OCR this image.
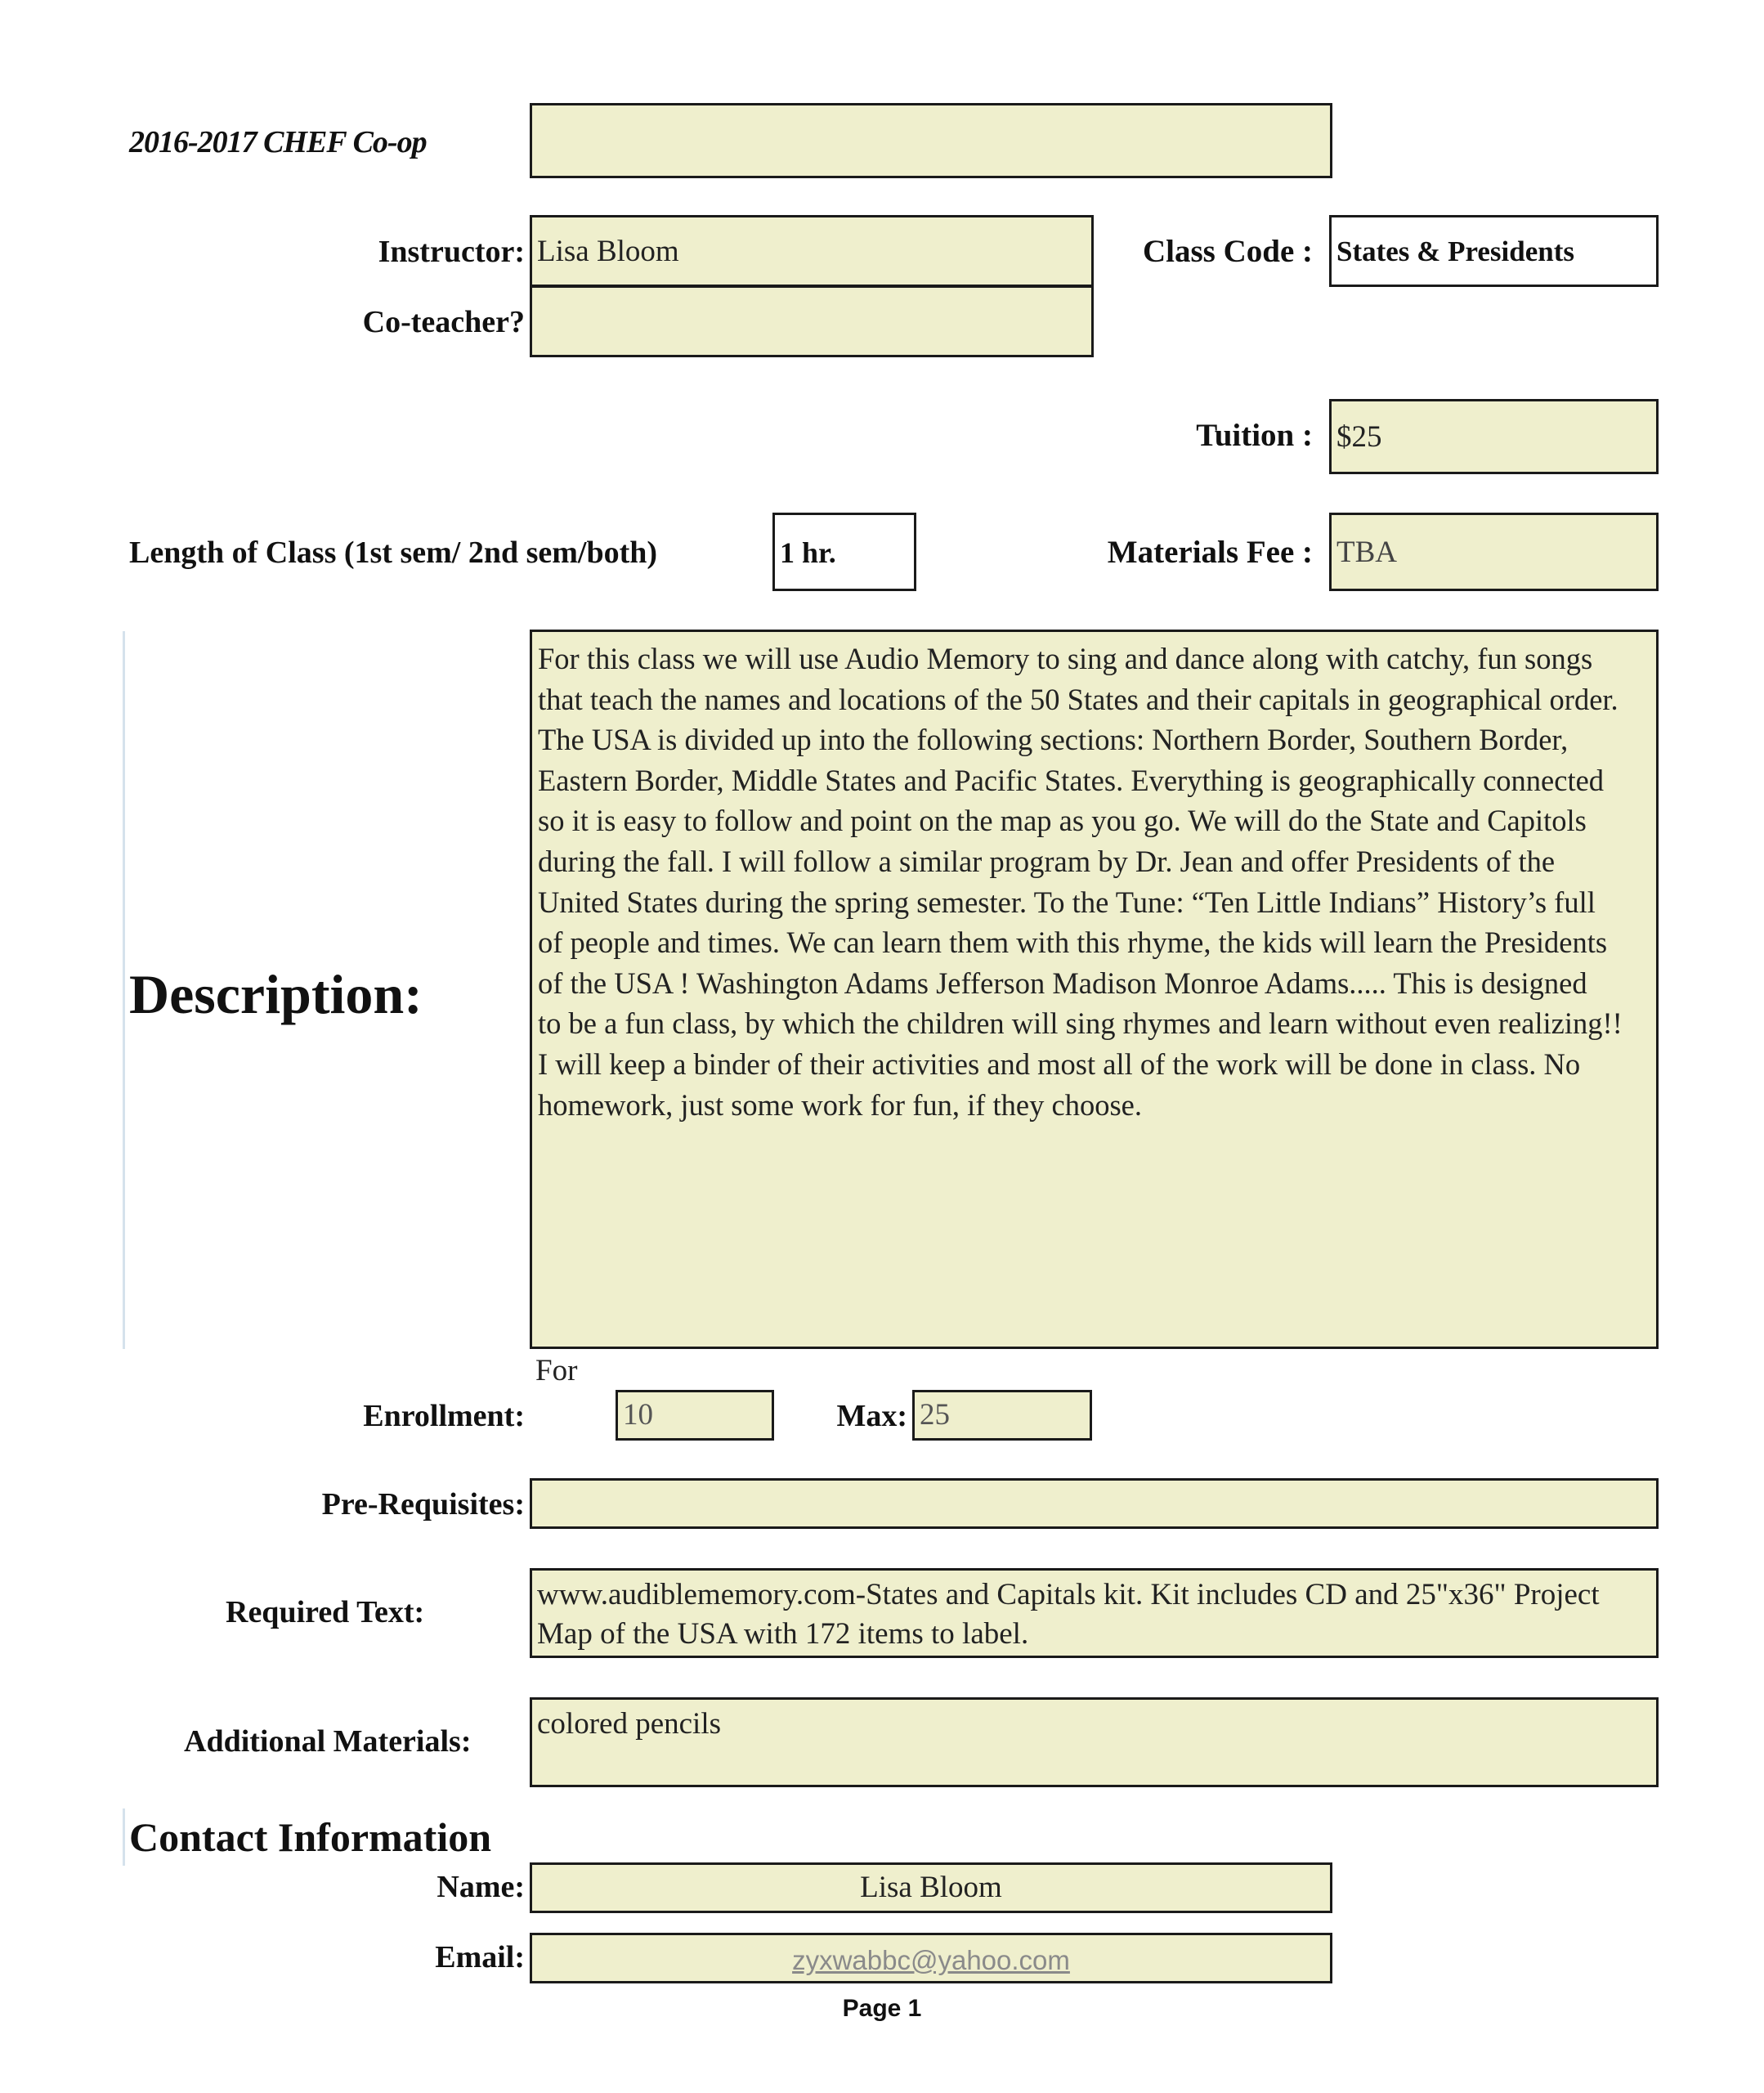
2016-2017 CHEF Co-op
Instructor: Lisa Bloom
Co-teacher?
Class Code : States & Presidents
Tuition : $25
Length of Class (1st sem/ 2nd sem/both)	1 hr.	Materials Fee : TBA
Description:
For this class we will use Audio Memory to sing and dance along with catchy, fun songs
that teach the names and locations of the 50 States and their capitals in geographical order.
The USA is divided up into the following sections: Northern Border, Southern Border,
Eastern Border, Middle States and Pacific States. Everything is geographically connected
so it is easy to follow and point on the map as you go. We will do the State and Capitols
during the fall. I will follow a similar program by Dr. Jean and offer Presidents of the
United States during the spring semester. To the Tune: “Ten Little Indians” History’s full
of people and times. We can learn them with this rhyme, the kids will learn the Presidents
of the USA ! Washington Adams Jefferson Madison Monroe Adams..... This is designed
to be a fun class, by which the children will sing rhymes and learn without even realizing!!
I will keep a binder of their activities and most all of the work will be done in class. No
homework, just some work for fun, if they choose.
For
Enrollment:	10	Max: 25
Pre-Requisites:
Required Text:
www.audiblememory.com-States and Capitals kit. Kit includes CD and 25"x36" Project
Map of the USA with 172 items to label.
Additional Materials:
colored pencils
Contact Information
Name:	Lisa Bloom
Email:	zyxwabbc@yahoo.com
Page 1
